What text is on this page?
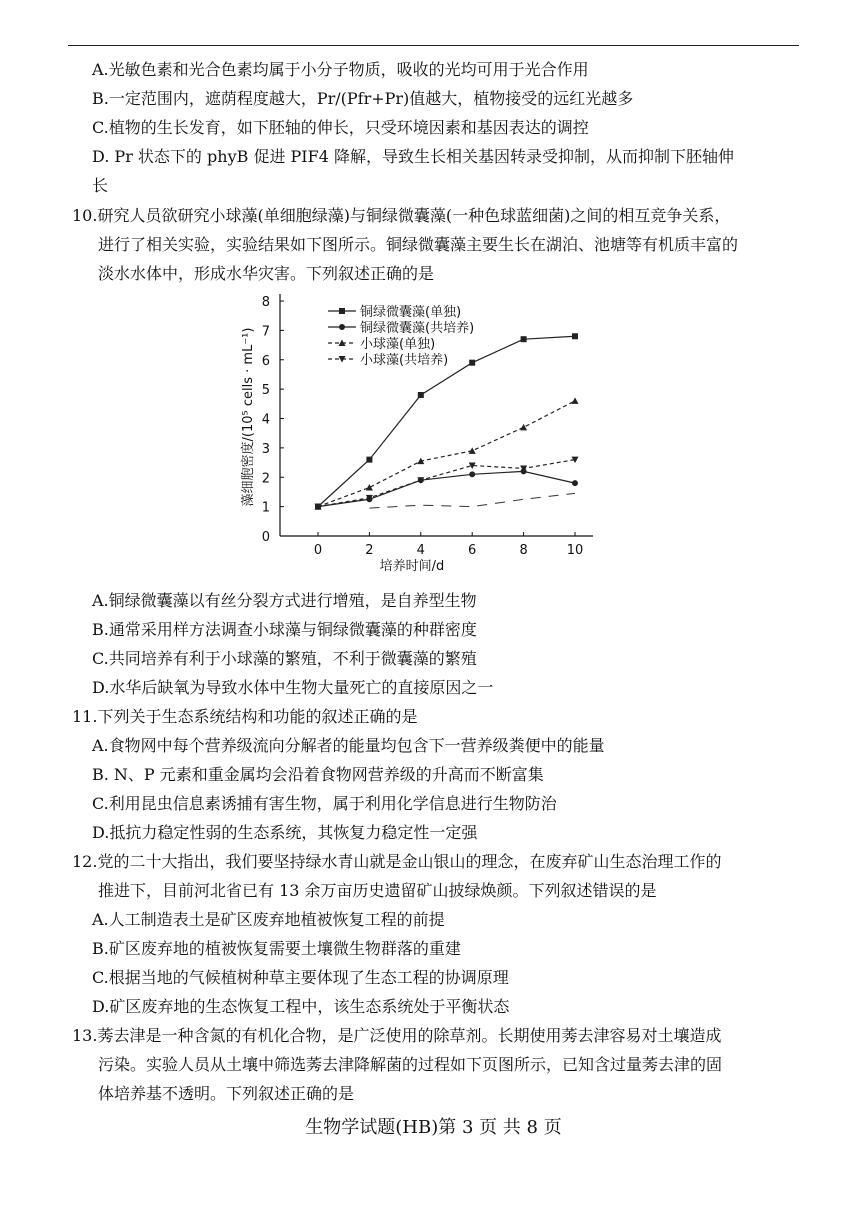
A.光敏色素和光合色素均属于小分子物质，吸收的光均可用于光合作用
B.一定范围内，遮荫程度越大，Pr/(Pfr+Pr)值越大，植物接受的远红光越多
C.植物的生长发育，如下胚轴的伸长，只受环境因素和基因表达的调控
D. Pr 状态下的 phyB 促进 PIF4 降解，导致生长相关基因转录受抑制，从而抑制下胚轴伸
长
10.研究人员欲研究小球藻(单细胞绿藻)与铜绿微囊藻(一种色球蓝细菌)之间的相互竞争关系，
进行了相关实验，实验结果如下图所示。铜绿微囊藻主要生长在湖泊、池塘等有机质丰富的
淡水水体中，形成水华灾害。下列叙述正确的是
0
1
2
3
4
5
6
7
8
0	2	4	6	8	10
铜绿微囊藻(单独)
铜绿微囊藻(共培养)
小球藻(单独)
小球藻(共培养)
培养时间/d
藻细胞密度/(10⁵ cells · mL⁻¹)
A.铜绿微囊藻以有丝分裂方式进行增殖，是自养型生物
B.通常采用样方法调查小球藻与铜绿微囊藻的种群密度
C.共同培养有利于小球藻的繁殖，不利于微囊藻的繁殖
D.水华后缺氧为导致水体中生物大量死亡的直接原因之一
11.下列关于生态系统结构和功能的叙述正确的是
A.食物网中每个营养级流向分解者的能量均包含下一营养级粪便中的能量
B. N、P 元素和重金属均会沿着食物网营养级的升高而不断富集
C.利用昆虫信息素诱捕有害生物，属于利用化学信息进行生物防治
D.抵抗力稳定性弱的生态系统，其恢复力稳定性一定强
12.党的二十大指出，我们要坚持绿水青山就是金山银山的理念，在废弃矿山生态治理工作的
推进下，目前河北省已有 13 余万亩历史遗留矿山披绿焕颜。下列叙述错误的是
A.人工制造表土是矿区废弃地植被恢复工程的前提
B.矿区废弃地的植被恢复需要土壤微生物群落的重建
C.根据当地的气候植树种草主要体现了生态工程的协调原理
D.矿区废弃地的生态恢复工程中，该生态系统处于平衡状态
13.莠去津是一种含氮的有机化合物，是广泛使用的除草剂。长期使用莠去津容易对土壤造成
污染。实验人员从土壤中筛选莠去津降解菌的过程如下页图所示，已知含过量莠去津的固
体培养基不透明。下列叙述正确的是
生物学试题(HB)第 3 页 共 8 页
